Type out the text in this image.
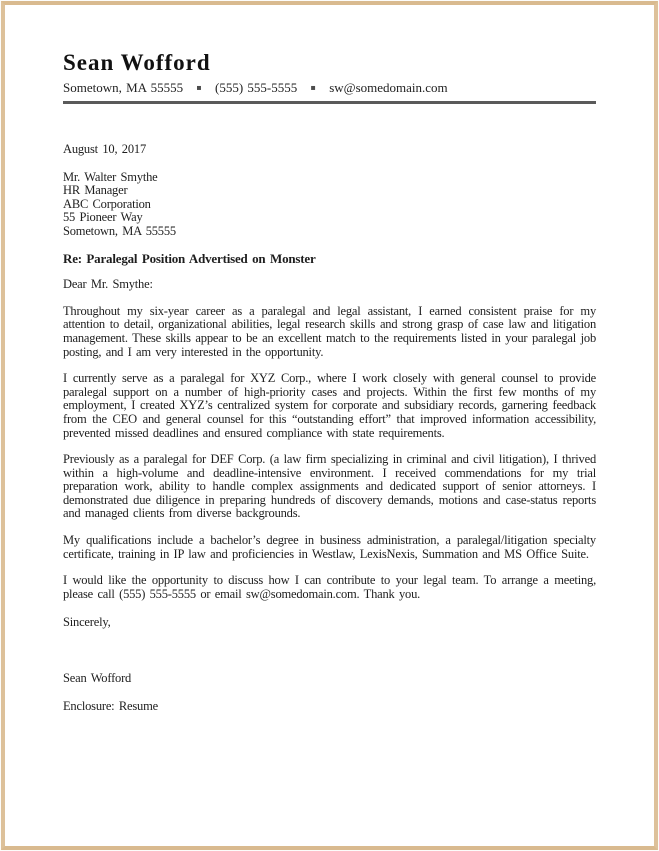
Sean Wofford
Sometown, MA 55555 ▪ (555) 555-5555 ▪ sw@somedomain.com
August 10, 2017
Mr. Walter Smythe
HR Manager
ABC Corporation
55 Pioneer Way
Sometown, MA 55555
Re: Paralegal Position Advertised on Monster
Dear Mr. Smythe:

Throughout my six-year career as a paralegal and legal assistant, I earned consistent praise for my attention to detail, organizational abilities, legal research skills and strong grasp of case law and litigation management. These skills appear to be an excellent match to the requirements listed in your paralegal job posting, and I am very interested in the opportunity.

I currently serve as a paralegal for XYZ Corp., where I work closely with general counsel to provide paralegal support on a number of high-priority cases and projects. Within the first few months of my employment, I created XYZ’s centralized system for corporate and subsidiary records, garnering feedback from the CEO and general counsel for this “outstanding effort” that improved information accessibility, prevented missed deadlines and ensured compliance with state requirements.

Previously as a paralegal for DEF Corp. (a law firm specializing in criminal and civil litigation), I thrived within a high-volume and deadline-intensive environment. I received commendations for my trial preparation work, ability to handle complex assignments and dedicated support of senior attorneys. I demonstrated due diligence in preparing hundreds of discovery demands, motions and case-status reports and managed clients from diverse backgrounds.

My qualifications include a bachelor’s degree in business administration, a paralegal/litigation specialty certificate, training in IP law and proficiencies in Westlaw, LexisNexis, Summation and MS Office Suite.

I would like the opportunity to discuss how I can contribute to your legal team. To arrange a meeting, please call (555) 555-5555 or email sw@somedomain.com. Thank you.

Sincerely,
Sean Wofford
Enclosure: Resume
